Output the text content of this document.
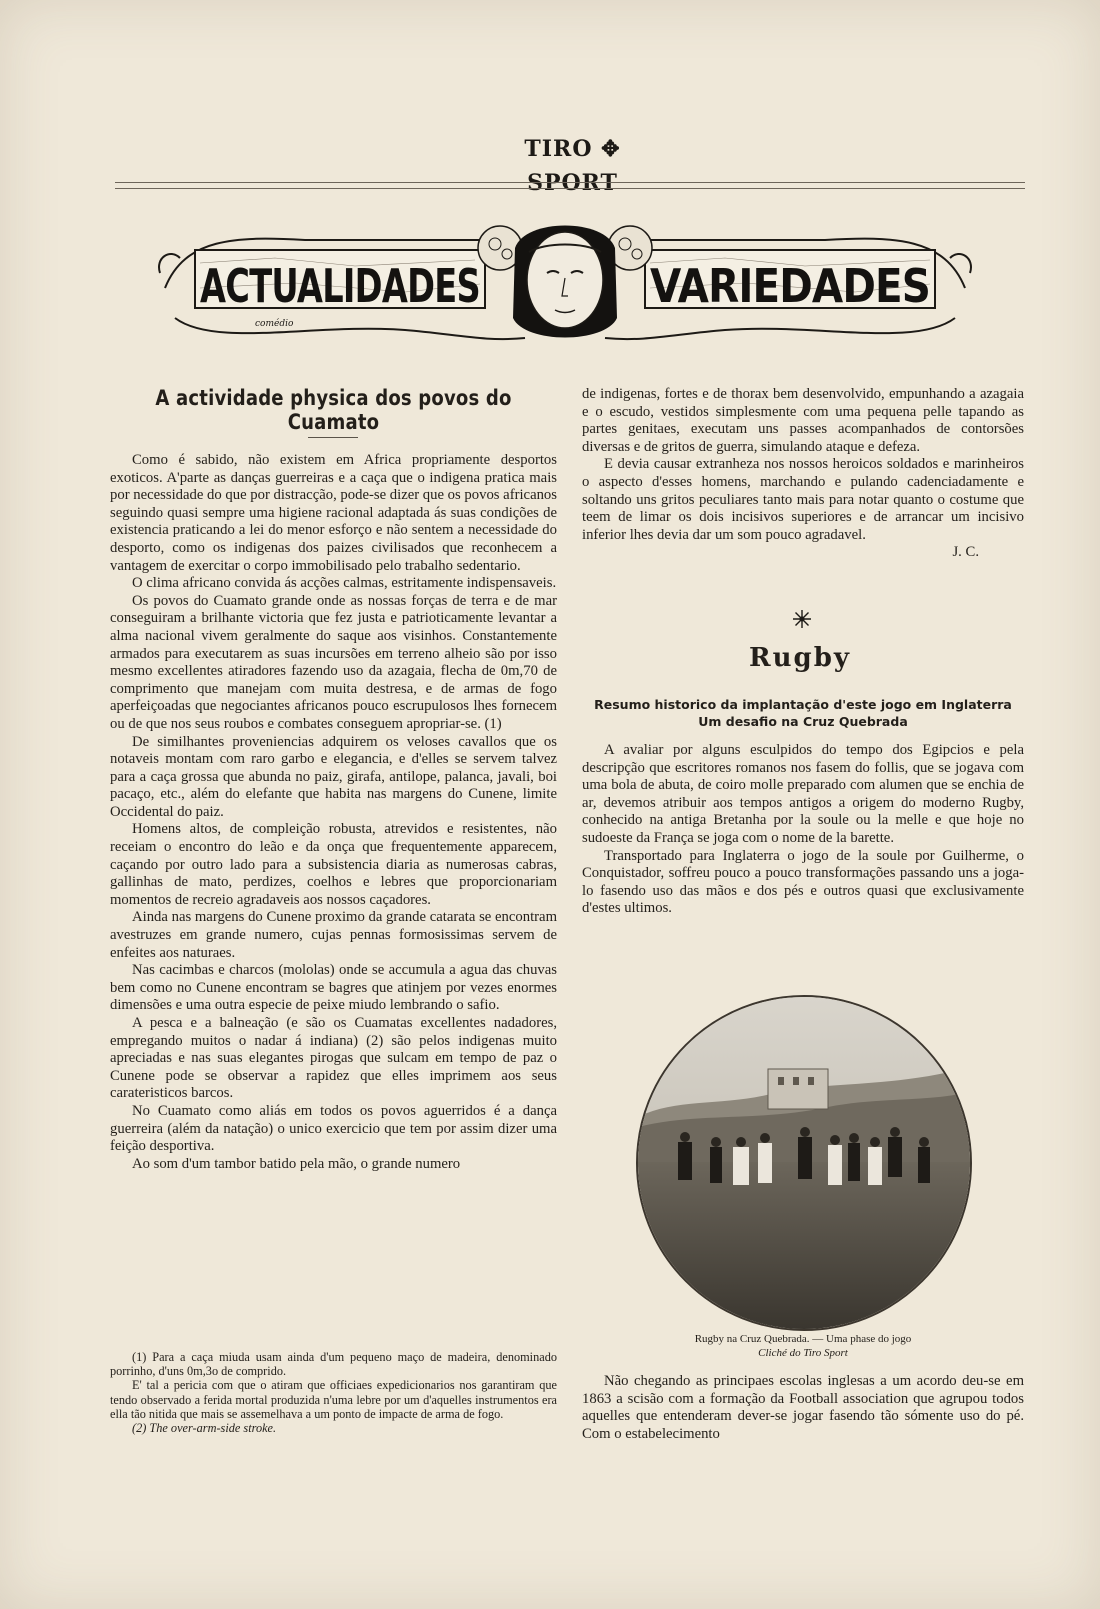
TIRO ✥ SPORT
ACTUALIDADES	VARIEDADES
comédio
A actividade physica dos povos do Cuamato

Como é sabido, não existem em Africa propriamente desportos exoticos. A'parte as danças guerreiras e a caça que o indigena pratica mais por necessidade do que por distracção, pode-se dizer que os povos africanos seguindo quasi sempre uma higiene racional adaptada ás suas condições de existencia praticando a lei do menor esforço e não sentem a necessidade do desporto, como os indigenas dos paizes civilisados que reconhecem a vantagem de exercitar o corpo immobilisado pelo trabalho sedentario.

O clima africano convida ás acções calmas, estritamente indispensaveis.

Os povos do Cuamato grande onde as nossas forças de terra e de mar conseguiram a brilhante victoria que fez justa e patrioticamente levantar a alma nacional vivem geralmente do saque aos visinhos. Constantemente armados para executarem as suas incursões em terreno alheio são por isso mesmo excellentes atiradores fazendo uso da azagaia, flecha de 0m,70 de comprimento que manejam com muita destresa, e de armas de fogo aperfeiçoadas que negociantes africanos pouco escrupulosos lhes fornecem ou de que nos seus roubos e combates conseguem apropriar-se. (1)

De similhantes proveniencias adquirem os veloses cavallos que os notaveis montam com raro garbo e elegancia, e d'elles se servem talvez para a caça grossa que abunda no paiz, girafa, antilope, palanca, javali, boi pacaço, etc., além do elefante que habita nas margens do Cunene, limite Occidental do paiz.

Homens altos, de compleição robusta, atrevidos e resistentes, não receiam o encontro do leão e da onça que frequentemente apparecem, caçando por outro lado para a subsistencia diaria as numerosas cabras, gallinhas de mato, perdizes, coelhos e lebres que proporcionariam momentos de recreio agradaveis aos nossos caçadores.

Ainda nas margens do Cunene proximo da grande catarata se encontram avestruzes em grande numero, cujas pennas formosissimas servem de enfeites aos naturaes.

Nas cacimbas e charcos (mololas) onde se accumula a agua das chuvas bem como no Cunene encontram se bagres que atinjem por vezes enormes dimensões e uma outra especie de peixe miudo lembrando o safio.

A pesca e a balneação (e são os Cuamatas excellentes nadadores, empregando muitos o nadar á indiana) (2) são pelos indigenas muito apreciadas e nas suas elegantes pirogas que sulcam em tempo de paz o Cunene pode se observar a rapidez que elles imprimem aos seus carateristicos barcos.

No Cuamato como aliás em todos os povos aguerridos é a dança guerreira (além da natação) o unico exercicio que tem por assim dizer uma feição desportiva.

Ao som d'um tambor batido pela mão, o grande numero

(1) Para a caça miuda usam ainda d'um pequeno maço de madeira, denominado porrinho, d'uns 0m,3o de comprido.

E' tal a pericia com que o atiram que officiaes expedicionarios nos garantiram que tendo observado a ferida mortal produzida n'uma lebre por um d'aquelles instrumentos era ella tão nitida que mais se assemelhava a um ponto de impacte de arma de fogo.

(2) The over-arm-side stroke.

de indigenas, fortes e de thorax bem desenvolvido, empunhando a azagaia e o escudo, vestidos simplesmente com uma pequena pelle tapando as partes genitaes, executam uns passes acompanhados de contorsões diversas e de gritos de guerra, simulando ataque e defeza.

E devia causar extranheza nos nossos heroicos soldados e marinheiros o aspecto d'esses homens, marchando e pulando cadenciadamente e soltando uns gritos peculiares tanto mais para notar quanto o costume que teem de limar os dois incisivos superiores e de arrancar um incisivo inferior lhes devia dar um som pouco agradavel.

J. C.

Rugby
Resumo historico da implantação d'este jogo em Inglaterra
Um desafio na Cruz Quebrada

A avaliar por alguns esculpidos do tempo dos Egipcios e pela descripção que escritores romanos nos fasem do follis, que se jogava com uma bola de abuta, de coiro molle preparado com alumen que se enchia de ar, devemos atribuir aos tempos antigos a origem do moderno Rugby, conhecido na antiga Bretanha por la soule ou la melle e que hoje no sudoeste da França se joga com o nome de la barette.

Transportado para Inglaterra o jogo de la soule por Guilherme, o Conquistador, soffreu pouco a pouco transformações passando uns a joga-lo fasendo uso das mãos e dos pés e outros quasi que exclusivamente d'estes ultimos.

Rugby na Cruz Quebrada. — Uma phase do jogo
Cliché do Tiro Sport

Não chegando as principaes escolas inglesas a um acordo deu-se em 1863 a scisão com a formação da Football association que agrupou todos aquelles que entenderam dever-se jogar fasendo tão sómente uso do pé. Com o estabelecimento
